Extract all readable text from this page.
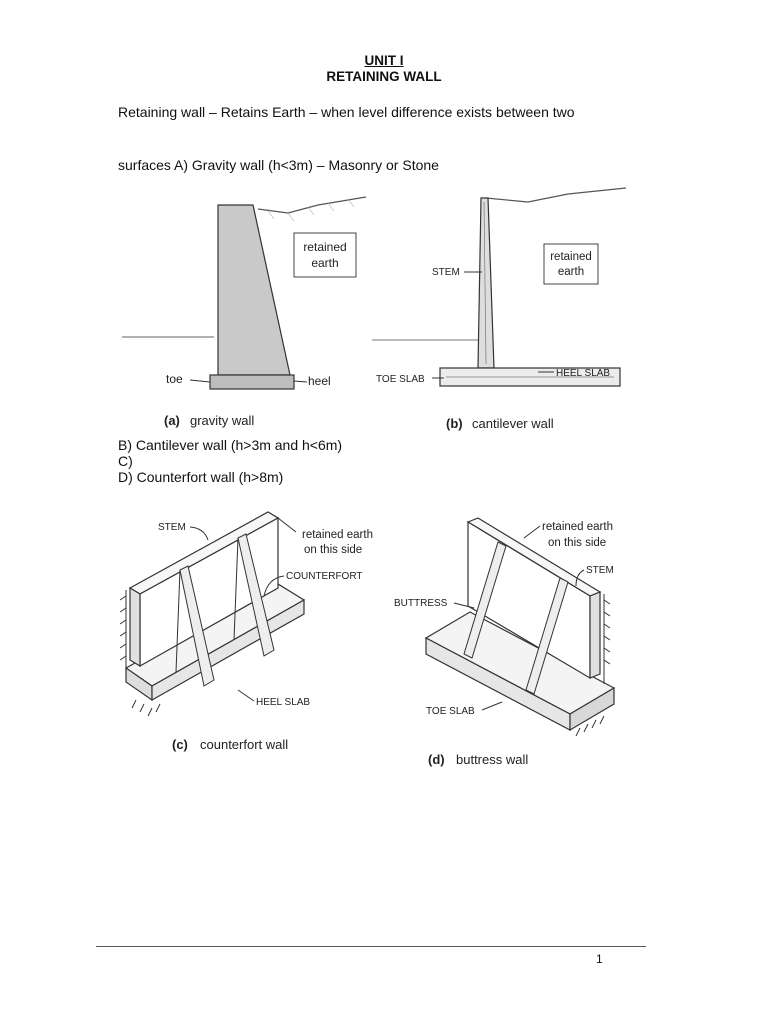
UNIT I
RETAINING WALL
Retaining wall – Retains Earth – when level difference exists between two
surfaces A) Gravity wall (h<3m) – Masonry or Stone
retained
earth
toe	heel
(a) gravity wall
retained
earth
STEM
TOE SLAB
HEEL SLAB
(b) cantilever wall
B) Cantilever wall (h>3m and h<6m)
C)
D) Counterfort wall (h>8m)
STEM
retained earth
on this side
COUNTERFORT
HEEL SLAB
(c) counterfort wall
retained earth
on this side
STEM
BUTTRESS
TOE SLAB
(d) buttress wall
1
